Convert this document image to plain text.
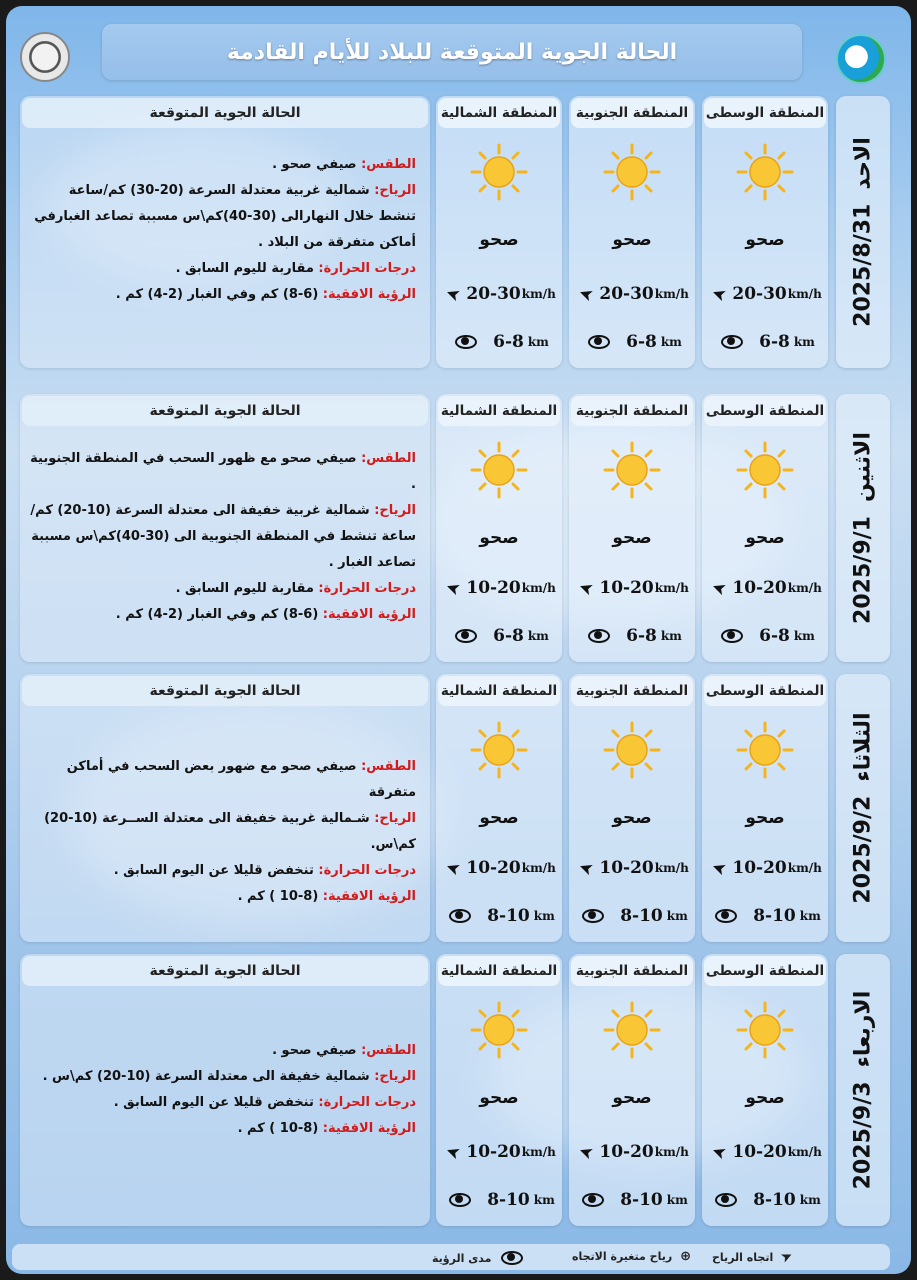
الحالة الجوية المتوقعة للبلاد للأيام القادمة
الحالة الجوية المتوقعة
الطقس: صيفي صحو .
الرياح: شمالية غربية معتدلة السرعة (20-30) كم/ساعة تنشط خلال النهارالى (30-40)كم\س مسببة تصاعد الغبارفي أماكن متفرقة من البلاد .
درجات الحرارة: مقاربة لليوم السابق .
الرؤية الافقية: (6-8) كم وفي الغبار (2-4) كم .
المنطقة الوسطى
صحو
➤ 20-30 km/h
6-8 km
المنطقة الجنوبية
صحو
➤ 20-30 km/h
6-8 km
المنطقة الشمالية
صحو
➤ 20-30 km/h
6-8 km
الحالة الجوية المتوقعة
الطقس: صيفي صحو مع ظهور السحب في المنطقة الجنوبية .
الرياح: شمالية غربية خفيفة الى معتدلة السرعة (10-20) كم/ساعة تنشط في المنطقة الجنوبية الى (30-40)كم\س مسببة تصاعد الغبار .
درجات الحرارة: مقاربة لليوم السابق .
الرؤية الافقية: (6-8) كم وفي الغبار (2-4) كم .
المنطقة الوسطى
صحو
➤ 10-20 km/h
6-8 km
المنطقة الجنوبية
صحو
➤ 10-20 km/h
6-8 km
المنطقة الشمالية
صحو
➤ 10-20 km/h
6-8 km
الحالة الجوية المتوقعة
الطقس: صيفي صحو مع ضهور بعض السحب في أماكن متفرقة
الرياح: شـمالية غربية خفيفة الى معتدلة الســرعة (10-20) كم\س.
درجات الحرارة: تنخفض قليلا عن اليوم السابق .
الرؤية الافقية: (8-10 ) كم .
المنطقة الوسطى
صحو
➤ 10-20 km/h
8-10 km
المنطقة الجنوبية
صحو
➤ 10-20 km/h
8-10 km
المنطقة الشمالية
صحو
➤ 10-20 km/h
8-10 km
الحالة الجوية المتوقعة
الطقس: صيفي صحو .
الرياح: شمالية خفيفة الى معتدلة السرعة (10-20) كم\س .
درجات الحرارة: تنخفض قليلا عن اليوم السابق .
الرؤية الافقية: (8-10 ) كم .
المنطقة الوسطى
صحو
➤ 10-20 km/h
8-10 km
المنطقة الجنوبية
صحو
➤ 10-20 km/h
8-10 km
المنطقة الشمالية
صحو
➤ 10-20 km/h
8-10 km
➤
اتجاه الرياح
⊕
رياح متغيرة الاتجاه
مدى الرؤية
2025/8/31
الاحد
2025/9/1
الاثنين
2025/9/2
الثلاثاء
2025/9/3
الاربعاء
